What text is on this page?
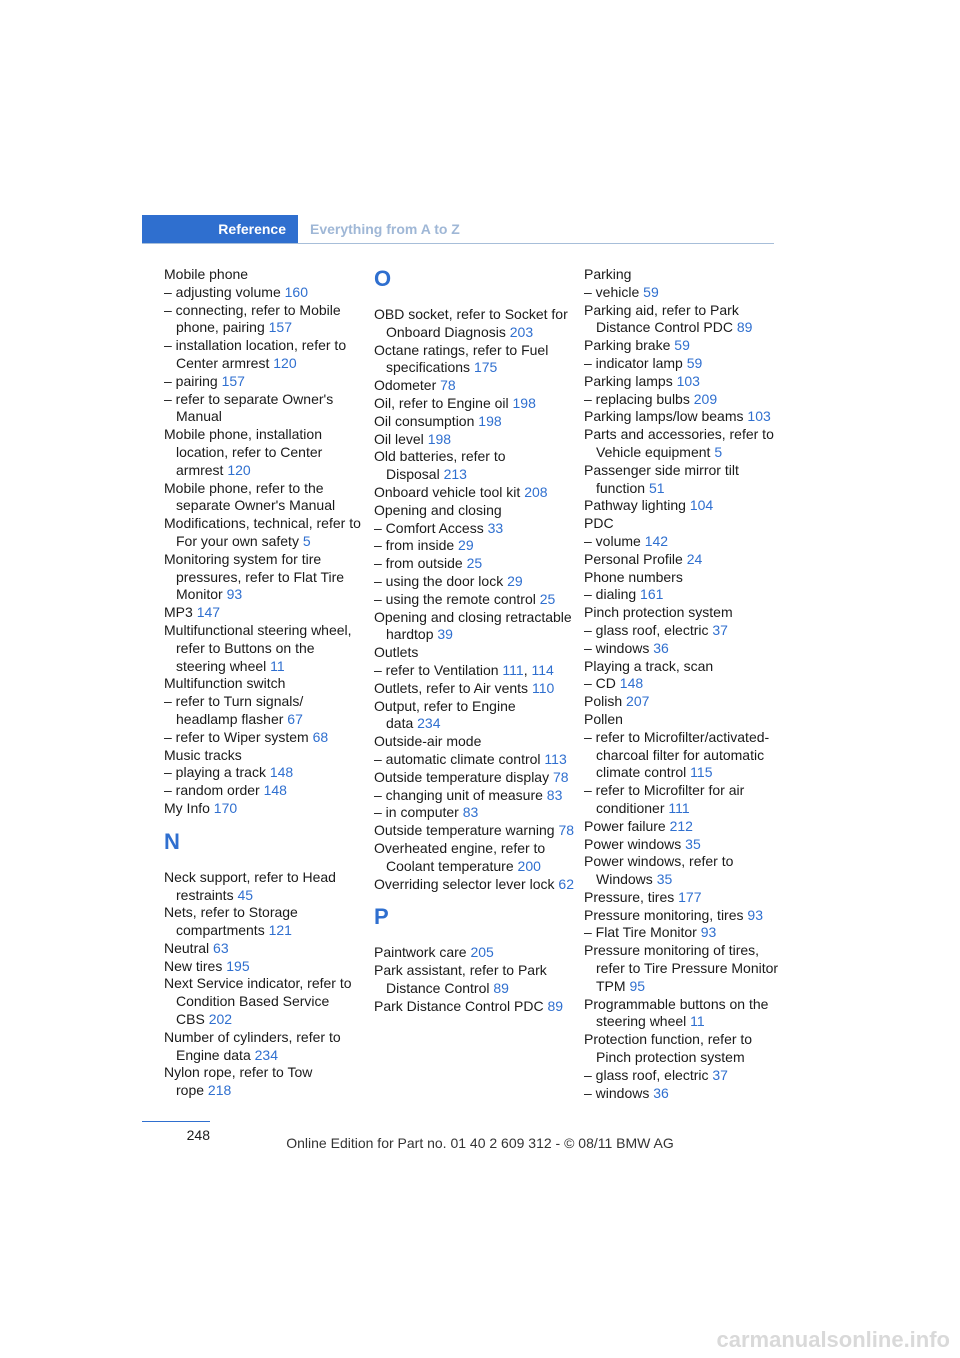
Reference	Everything from A to Z
Mobile phone
– adjusting volume 160
– connecting, refer to Mobile phone, pairing 157
– installation location, refer to Center armrest 120
– pairing 157
– refer to separate Owner's Manual
Mobile phone, installation location, refer to Center armrest 120
Mobile phone, refer to the separate Owner's Manual
Modifications, technical, refer to For your own safety 5
Monitoring system for tire pressures, refer to Flat Tire Monitor 93
MP3 147
Multifunctional steering wheel, refer to Buttons on the steering wheel 11
Multifunction switch
– refer to Turn signals/ headlamp flasher 67
– refer to Wiper system 68
Music tracks
– playing a track 148
– random order 148
My Info 170
N
Neck support, refer to Head restraints 45
Nets, refer to Storage compartments 121
Neutral 63
New tires 195
Next Service indicator, refer to Condition Based Service CBS 202
Number of cylinders, refer to Engine data 234
Nylon rope, refer to Tow rope 218
O
OBD socket, refer to Socket for Onboard Diagnosis 203
Octane ratings, refer to Fuel specifications 175
Odometer 78
Oil, refer to Engine oil 198
Oil consumption 198
Oil level 198
Old batteries, refer to Disposal 213
Onboard vehicle tool kit 208
Opening and closing
– Comfort Access 33
– from inside 29
– from outside 25
– using the door lock 29
– using the remote control 25
Opening and closing retractable hardtop 39
Outlets
– refer to Ventilation 111, 114
Outlets, refer to Air vents 110
Output, refer to Engine data 234
Outside-air mode
– automatic climate control 113
Outside temperature display 78
– changing unit of measure 83
– in computer 83
Outside temperature warning 78
Overheated engine, refer to Coolant temperature 200
Overriding selector lever lock 62
P
Paintwork care 205
Park assistant, refer to Park Distance Control 89
Park Distance Control PDC 89
Parking
– vehicle 59
Parking aid, refer to Park Distance Control PDC 89
Parking brake 59
– indicator lamp 59
Parking lamps 103
– replacing bulbs 209
Parking lamps/low beams 103
Parts and accessories, refer to Vehicle equipment 5
Passenger side mirror tilt function 51
Pathway lighting 104
PDC
– volume 142
Personal Profile 24
Phone numbers
– dialing 161
Pinch protection system
– glass roof, electric 37
– windows 36
Playing a track, scan
– CD 148
Polish 207
Pollen
– refer to Microfilter/activated-charcoal filter for automatic climate control 115
– refer to Microfilter for air conditioner 111
Power failure 212
Power windows 35
Power windows, refer to Windows 35
Pressure, tires 177
Pressure monitoring, tires 93
– Flat Tire Monitor 93
Pressure monitoring of tires, refer to Tire Pressure Monitor TPM 95
Programmable buttons on the steering wheel 11
Protection function, refer to Pinch protection system
– glass roof, electric 37
– windows 36
248	Online Edition for Part no. 01 40 2 609 312 - © 08/11 BMW AG
carmanualsonline.info
